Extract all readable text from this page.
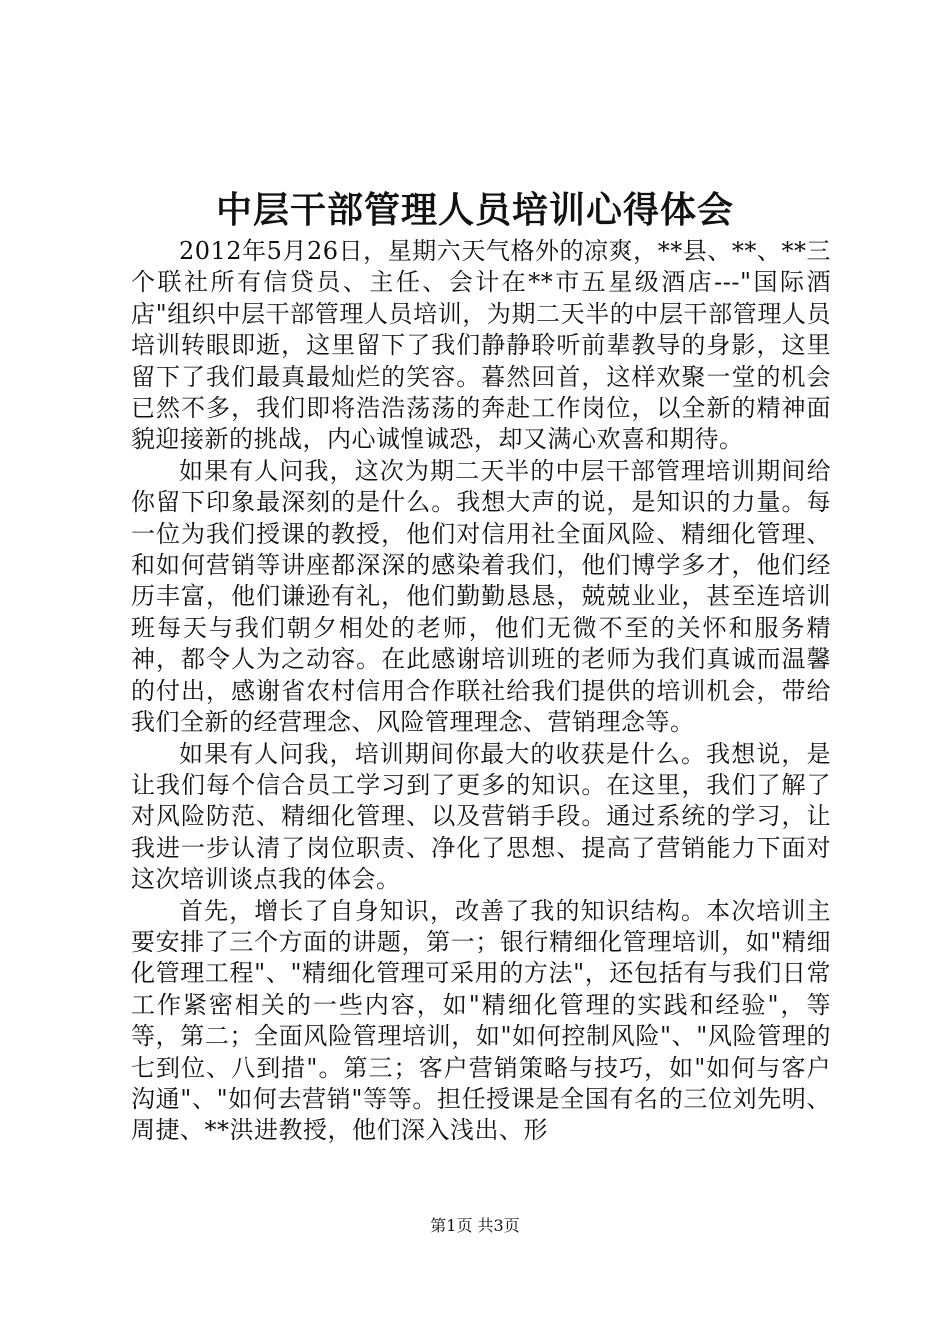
中层干部管理人员培训心得体会

2012年5月26日，星期六天气格外的凉爽，**县、**、**三个联社所有信贷员、主任、会计在**市五星级酒店---"国际酒店"组织中层干部管理人员培训，为期二天半的中层干部管理人员培训转眼即逝，这里留下了我们静静聆听前辈教导的身影，这里留下了我们最真最灿烂的笑容。暮然回首，这样欢聚一堂的机会已然不多，我们即将浩浩荡荡的奔赴工作岗位，以全新的精神面貌迎接新的挑战，内心诚惶诚恐，却又满心欢喜和期待。

如果有人问我，这次为期二天半的中层干部管理培训期间给你留下印象最深刻的是什么。我想大声的说，是知识的力量。每一位为我们授课的教授，他们对信用社全面风险、精细化管理、和如何营销等讲座都深深的感染着我们，他们博学多才，他们经历丰富，他们谦逊有礼，他们勤勤恳恳，兢兢业业，甚至连培训班每天与我们朝夕相处的老师，他们无微不至的关怀和服务精神，都令人为之动容。在此感谢培训班的老师为我们真诚而温馨的付出，感谢省农村信用合作联社给我们提供的培训机会，带给我们全新的经营理念、风险管理理念、营销理念等。

如果有人问我，培训期间你最大的收获是什么。我想说，是让我们每个信合员工学习到了更多的知识。在这里，我们了解了对风险防范、精细化管理、以及营销手段。通过系统的学习，让我进一步认清了岗位职责、净化了思想、提高了营销能力下面对这次培训谈点我的体会。

首先，增长了自身知识，改善了我的知识结构。本次培训主要安排了三个方面的讲题，第一；银行精细化管理培训，如"精细化管理工程"、"精细化管理可采用的方法"，还包括有与我们日常工作紧密相关的一些内容，如"精细化管理的实践和经验"，等等，第二；全面风险管理培训，如"如何控制风险"、"风险管理的七到位、八到措"。第三；客户营销策略与技巧，如"如何与客户沟通"、"如何去营销"等等。担任授课是全国有名的三位刘先明、周捷、**洪进教授，他们深入浅出、形

第1页 共3页
